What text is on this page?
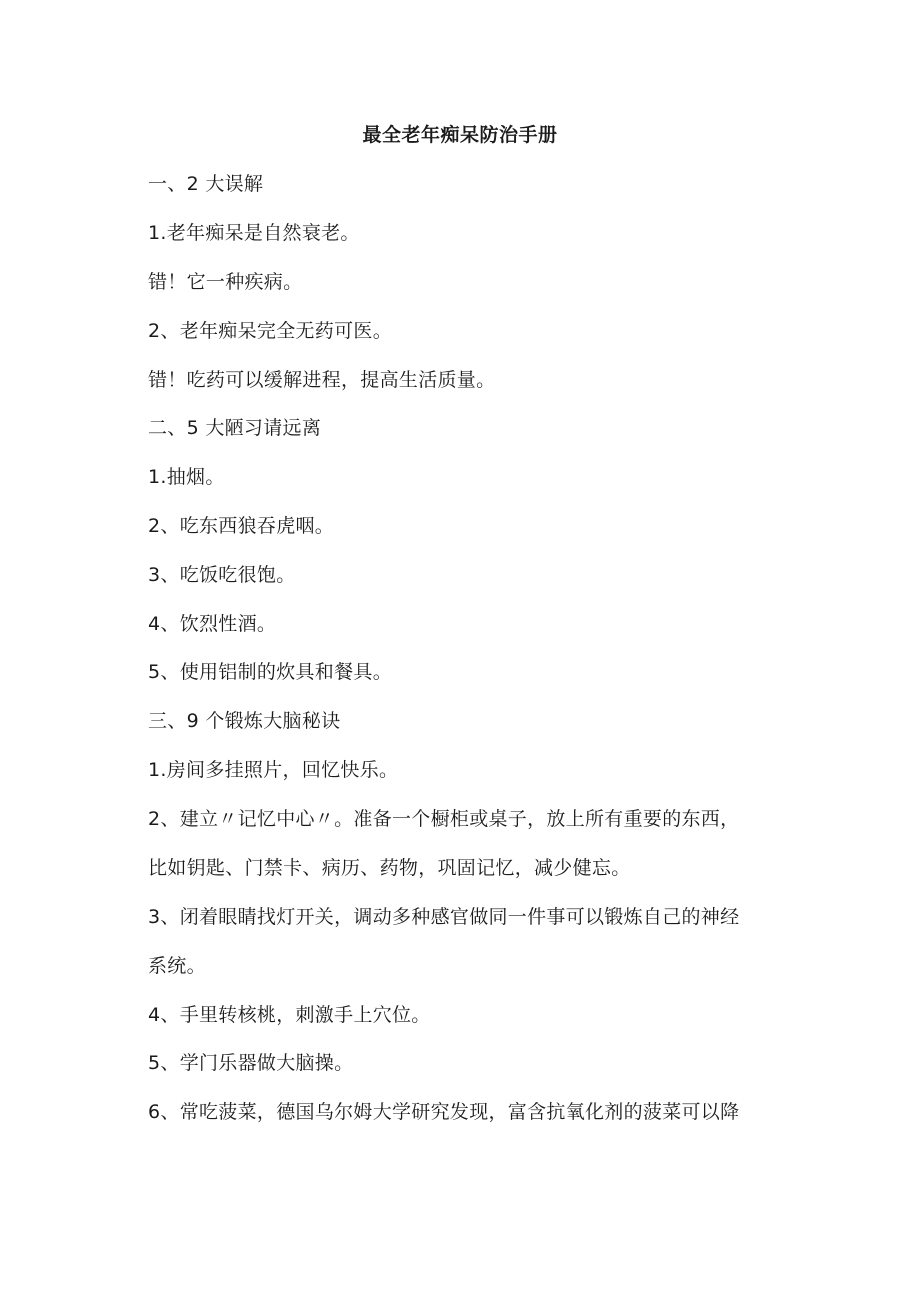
最全老年痴呆防治手册
一、2 大误解
1.老年痴呆是自然衰老。
错！它一种疾病。
2、老年痴呆完全无药可医。
错！吃药可以缓解进程，提高生活质量。
二、5 大陋习请远离
1.抽烟。
2、吃东西狼吞虎咽。
3、吃饭吃很饱。
4、饮烈性酒。
5、使用铝制的炊具和餐具。
三、9 个锻炼大脑秘诀
1.房间多挂照片，回忆快乐。
2、建立〃记忆中心〃。准备一个橱柜或桌子，放上所有重要的东西，
比如钥匙、门禁卡、病历、药物，巩固记忆，减少健忘。
3、闭着眼睛找灯开关，调动多种感官做同一件事可以锻炼自己的神经
系统。
4、手里转核桃，刺激手上穴位。
5、学门乐器做大脑操。
6、常吃菠菜，德国乌尔姆大学研究发现，富含抗氧化剂的菠菜可以降
